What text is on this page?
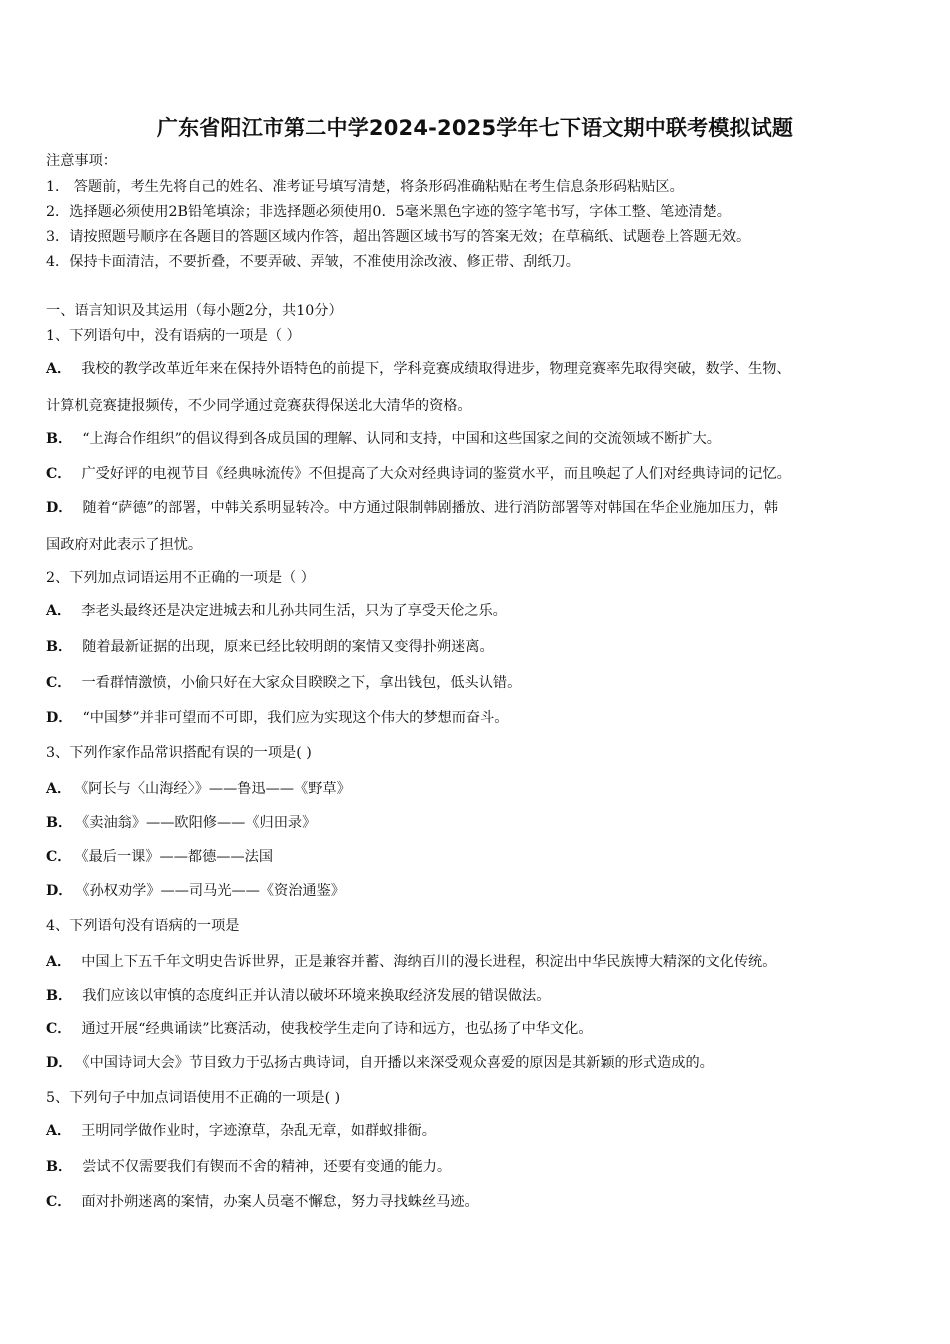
广东省阳江市第二中学2024-2025学年七下语文期中联考模拟试题
注意事项：
1． 答题前，考生先将自己的姓名、准考证号填写清楚，将条形码准确粘贴在考生信息条形码粘贴区。
2．选择题必须使用2B铅笔填涂；非选择题必须使用0．5毫米黑色字迹的签字笔书写，字体工整、笔迹清楚。
3．请按照题号顺序在各题目的答题区域内作答，超出答题区域书写的答案无效；在草稿纸、试题卷上答题无效。
4．保持卡面清洁，不要折叠，不要弄破、弄皱，不准使用涂改液、修正带、刮纸刀。
一、语言知识及其运用（每小题2分，共10分）
1、下列语句中，没有语病的一项是（ ）
A． 我校的教学改革近年来在保持外语特色的前提下，学科竞赛成绩取得进步，物理竞赛率先取得突破，数学、生物、
计算机竞赛捷报频传，不少同学通过竞赛获得保送北大清华的资格。
B． “上海合作组织”的倡议得到各成员国的理解、认同和支持，中国和这些国家之间的交流领域不断扩大。
C． 广受好评的电视节目《经典咏流传》不但提高了大众对经典诗词的鉴赏水平，而且唤起了人们对经典诗词的记忆。
D． 随着“萨德”的部署，中韩关系明显转冷。中方通过限制韩剧播放、进行消防部署等对韩国在华企业施加压力，韩
国政府对此表示了担忧。
2、下列加点词语运用不正确的一项是（ ）
A． 李老头最终还是决定进城去和儿孙共同生活，只为了享受天伦之乐。
B． 随着最新证据的出现，原来已经比较明朗的案情又变得扑朔迷离。
C． 一看群情激愤，小偷只好在大家众目睽睽之下，拿出钱包，低头认错。
D． “中国梦”并非可望而不可即，我们应为实现这个伟大的梦想而奋斗。
3、下列作家作品常识搭配有误的一项是( )
A． 《阿长与〈山海经〉》——鲁迅——《野草》
B． 《卖油翁》——欧阳修——《归田录》
C． 《最后一课》——都德——法国
D． 《孙权劝学》——司马光——《资治通鉴》
4、下列语句没有语病的一项是
A． 中国上下五千年文明史告诉世界，正是兼容并蓄、海纳百川的漫长进程，积淀出中华民族博大精深的文化传统。
B． 我们应该以审慎的态度纠正并认清以破坏环境来换取经济发展的错误做法。
C． 通过开展“经典诵读”比赛活动，使我校学生走向了诗和远方，也弘扬了中华文化。
D． 《中国诗词大会》节目致力于弘扬古典诗词，自开播以来深受观众喜爱的原因是其新颖的形式造成的。
5、下列句子中加点词语使用不正确的一项是( )
A． 王明同学做作业时，字迹潦草，杂乱无章，如群蚁排衙。
B． 尝试不仅需要我们有锲而不舍的精神，还要有变通的能力。
C． 面对扑朔迷离的案情，办案人员毫不懈怠，努力寻找蛛丝马迹。
